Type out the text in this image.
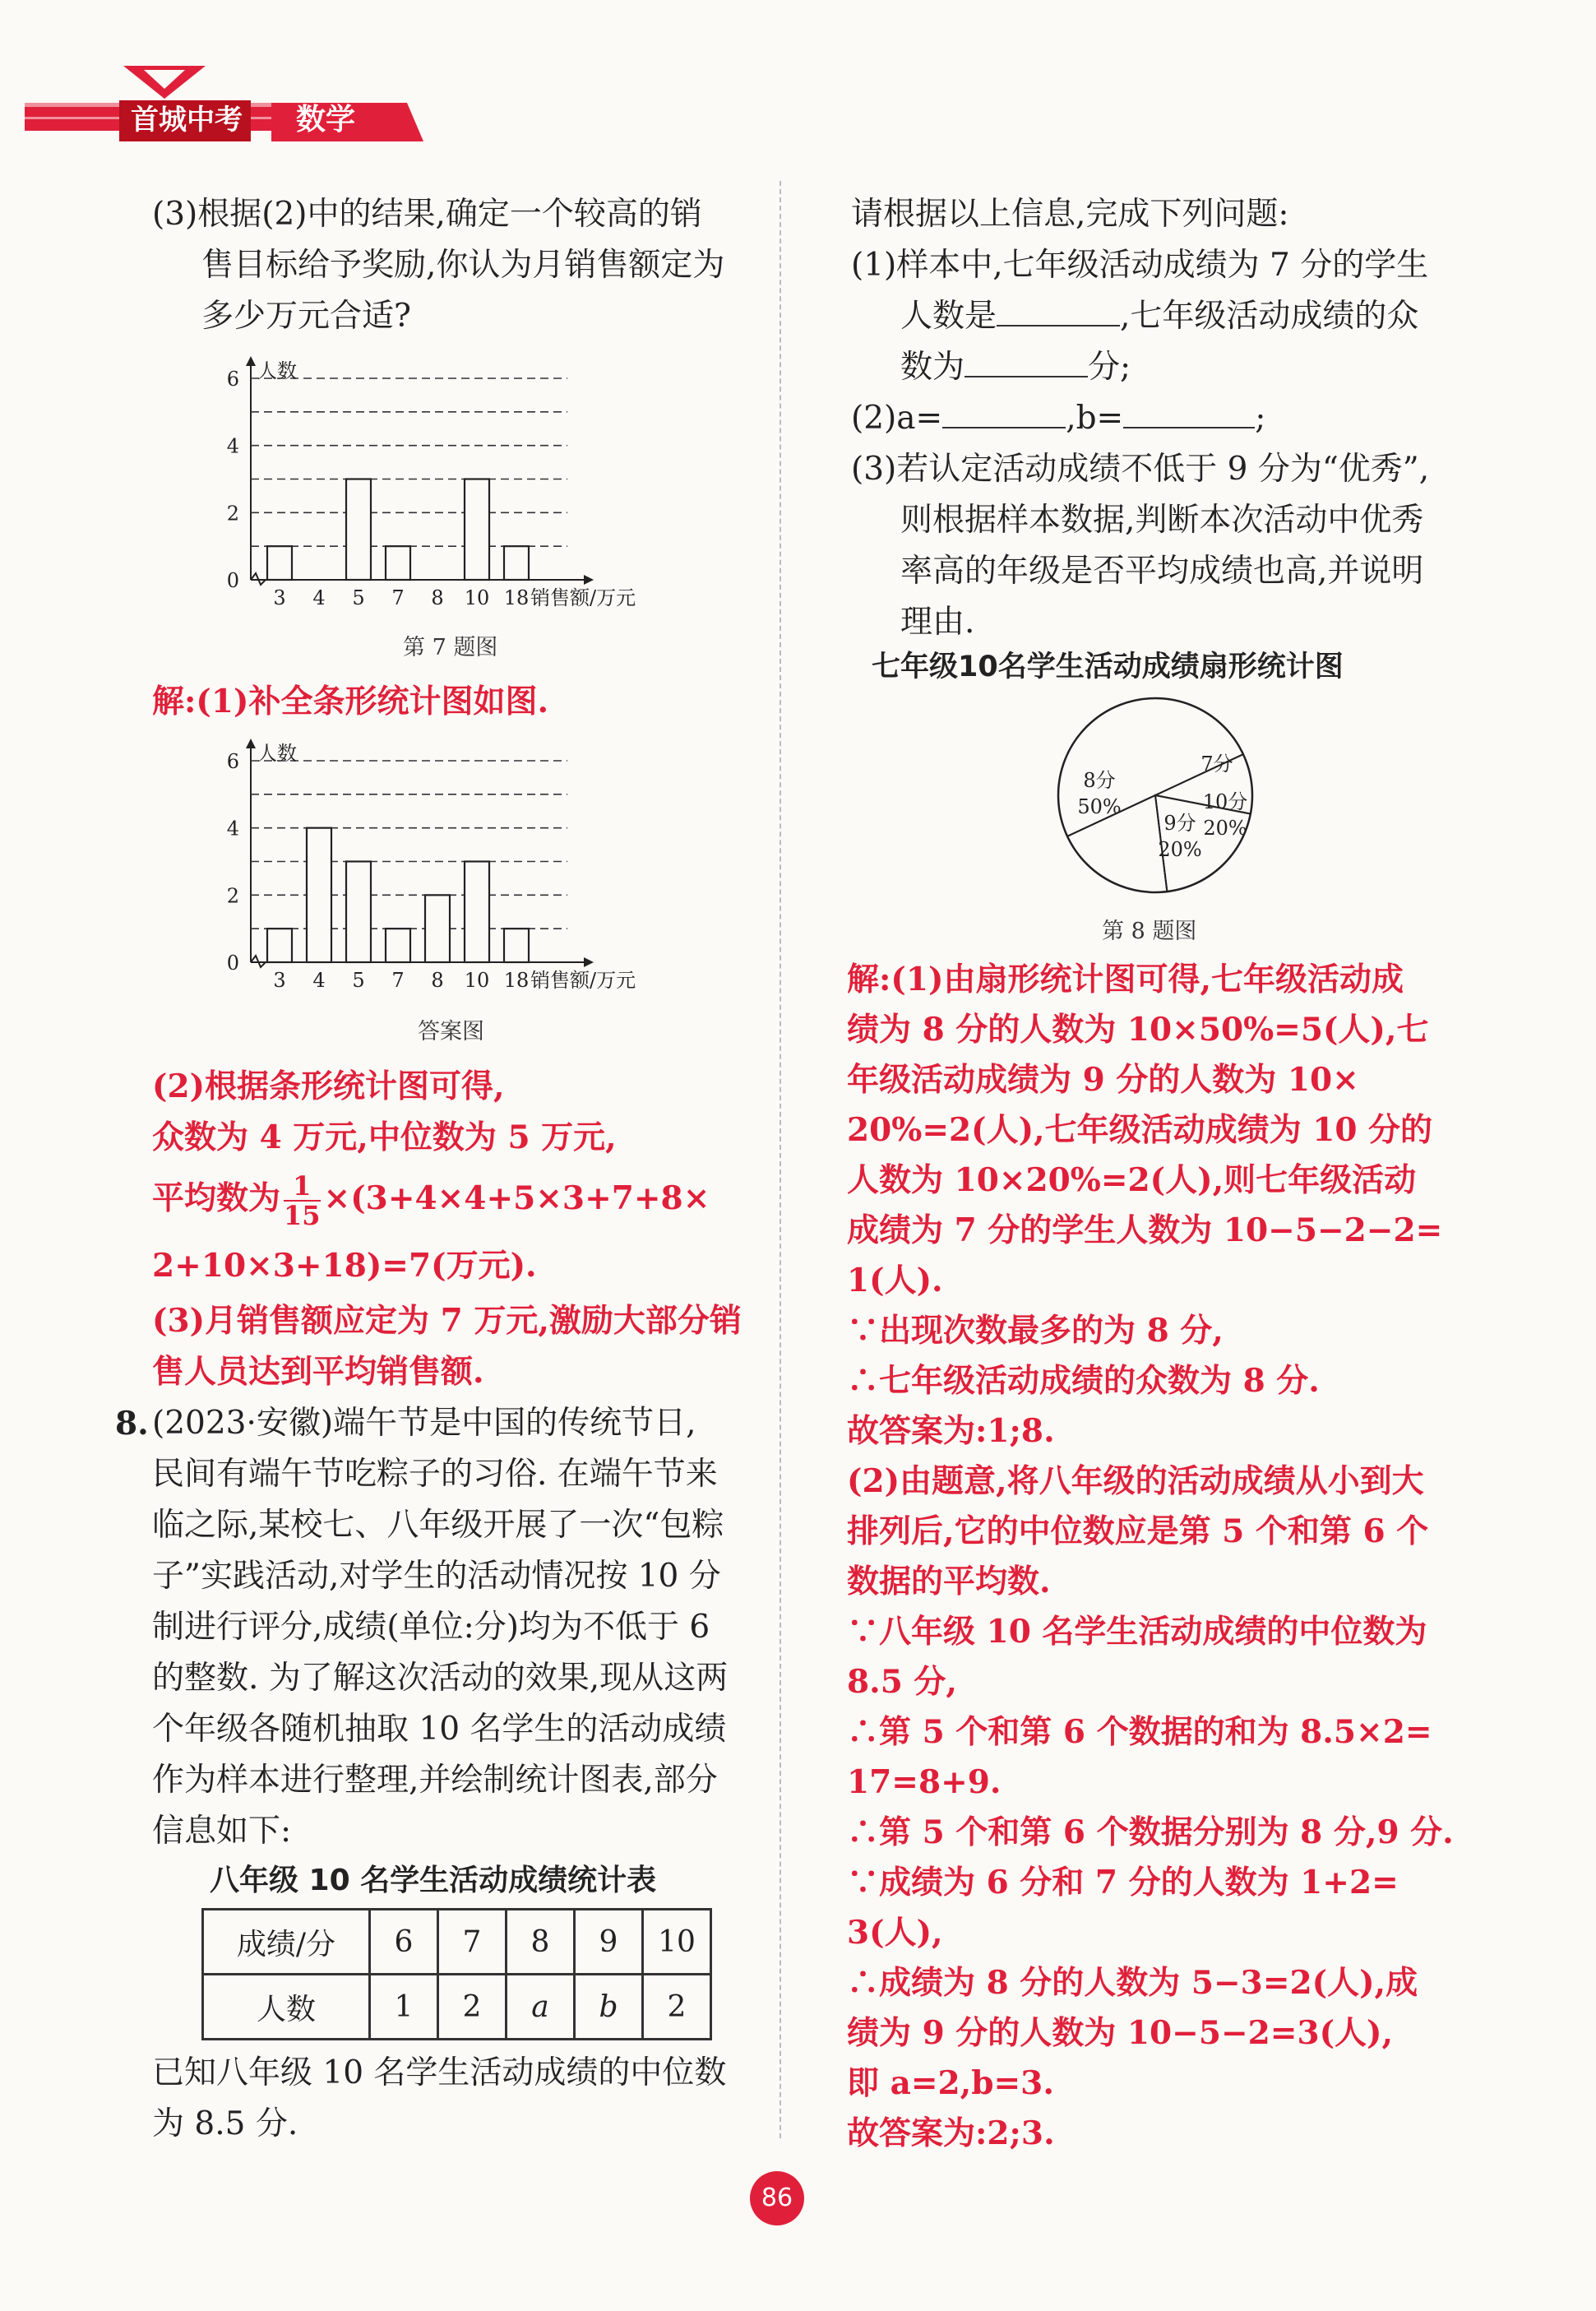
首城中考 数学
(3)根据(2)中的结果,确定一个较高的销
售目标给予奖励,你认为月销售额定为
多少万元合适?
0
2
4
6 人数
销售额/万元
3 4 5 7 8 10 18
第 7 题图
解:(1)补全条形统计图如图.
0
2
4
6 人数
销售额/万元
3 4 5 7 8 10 18
答案图
(2)根据条形统计图可得,
众数为 4 万元,中位数为 5 万元,
平均数为 $\frac{1}{15} \times(3+4\times 4+5\times 3+7+8\times$
2+10×3+18)=7(万元).
(3)月销售额应定为 7 万元,激励大部分销
售人员达到平均销售额.
8. (2023·安徽)端午节是中国的传统节日,
民间有端午节吃粽子的习俗. 在端午节来
临之际,某校七、八年级开展了一次“包粽
子”实践活动,对学生的活动情况按 10 分
制进行评分,成绩(单位:分)均为不低于 6
的整数. 为了解这次活动的效果,现从这两
个年级各随机抽取 10 名学生的活动成绩
作为样本进行整理,并绘制统计图表,部分
信息如下:
八年级 10 名学生活动成绩统计表
成绩/分	6	7	8	9	10
人数	1	2	a	b	2
已知八年级 10 名学生活动成绩的中位数
为 8.5 分.
请根据以上信息,完成下列问题:
(1)样本中,七年级活动成绩为 7 分的学生
人数是	,七年级活动成绩的众
数为	分;
(2)a=	,b=	;
(3)若认定活动成绩不低于 9 分为“优秀”,
则根据样本数据,判断本次活动中优秀
率高的年级是否平均成绩也高,并说明
理由.
七年级10名学生活动成绩扇形统计图
8分
50%
7分
10分
20%
9分
20%
第 8 题图
解:(1)由扇形统计图可得,七年级活动成
绩为 8 分的人数为 10×50%=5(人),七
年级活动成绩为 9 分的人数为 10×
20%=2(人),七年级活动成绩为 10 分的
人数为 10×20%=2(人),则七年级活动
成绩为 7 分的学生人数为 10−5−2−2=
1(人).
∵出现次数最多的为 8 分,
∴七年级活动成绩的众数为 8 分.
故答案为:1;8.
(2)由题意,将八年级的活动成绩从小到大
排列后,它的中位数应是第 5 个和第 6 个
数据的平均数.
∵八年级 10 名学生活动成绩的中位数为
8.5 分,
∴第 5 个和第 6 个数据的和为 8.5×2=
17=8+9.
∴第 5 个和第 6 个数据分别为 8 分,9 分.
∵成绩为 6 分和 7 分的人数为 1+2=
3(人),
∴成绩为 8 分的人数为 5−3=2(人),成
绩为 9 分的人数为 10−5−2=3(人),
即 a=2,b=3.
故答案为:2;3.
86
